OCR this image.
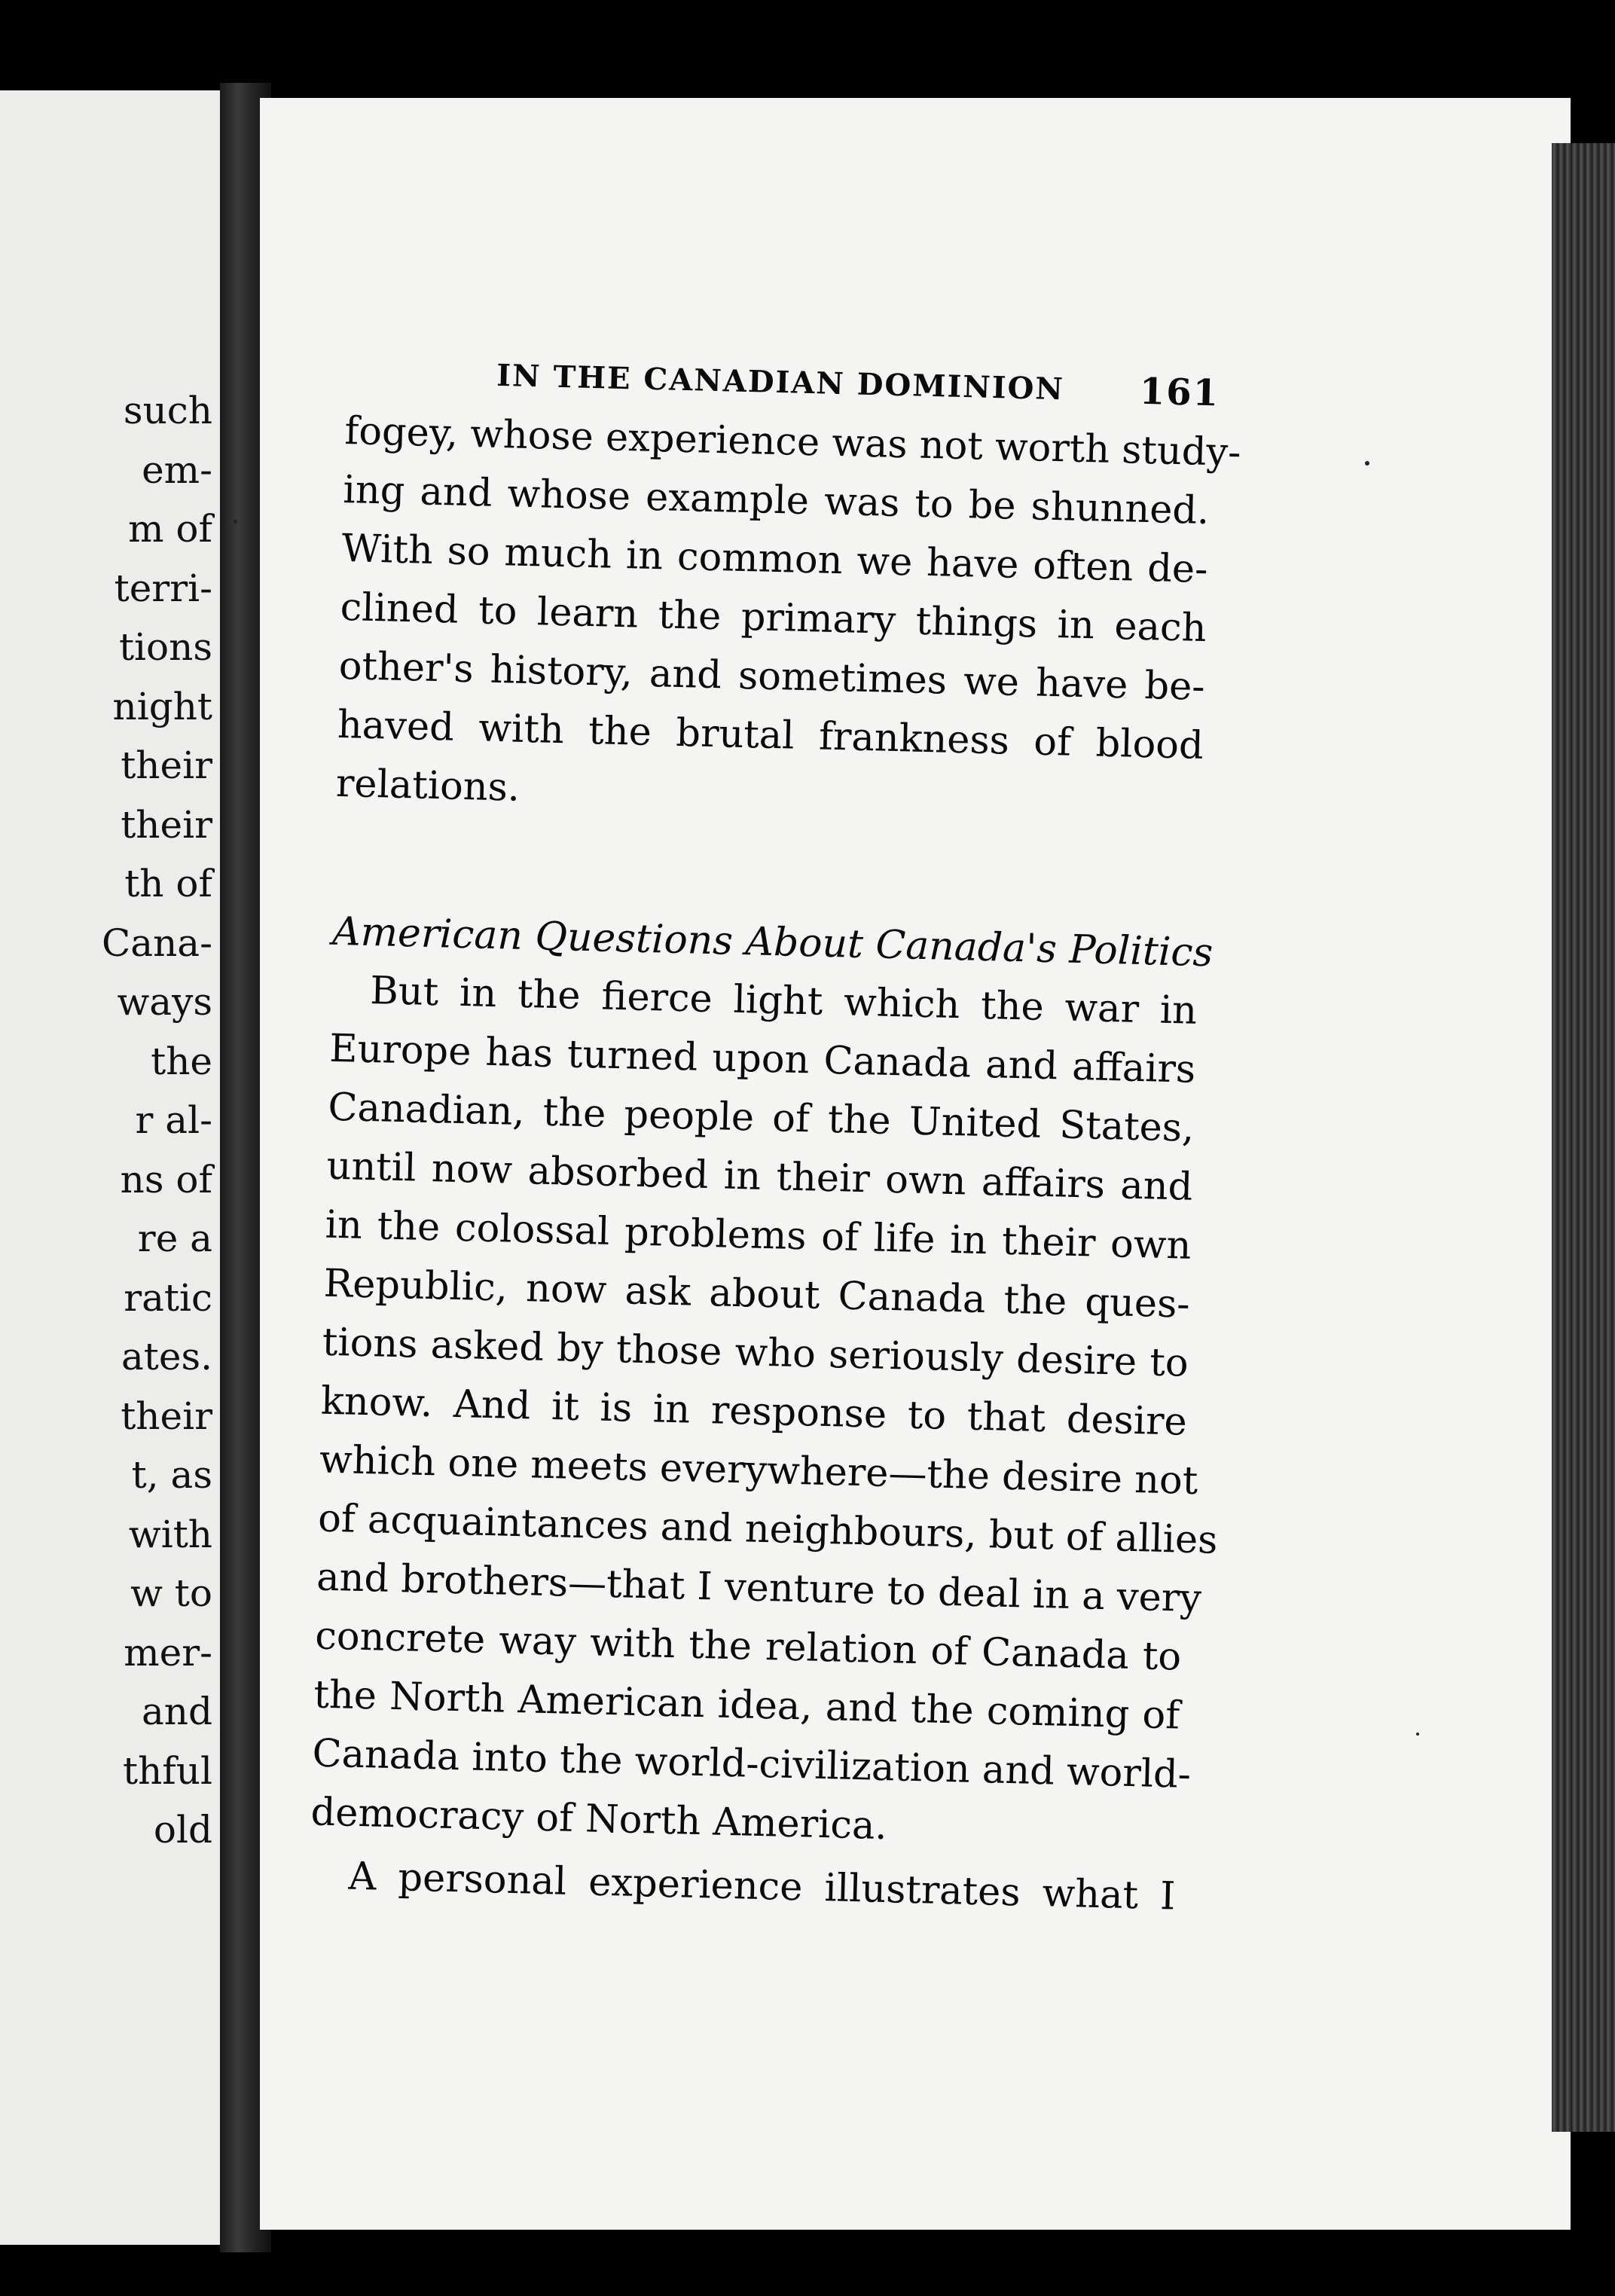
such
em-
m of
terri-
tions
night
their
their
th of
Cana-
ways
the
r al-
ns of
re a
ratic
ates.
their
t, as
with
w to
mer-
and
thful
old
IN THE CANADIAN DOMINION 161

fogey, whose experience was not worth study-
ing and whose example was to be shunned.
With so much in common we have often de-
clined to learn the primary things in each
other's history, and sometimes we have be-
haved with the brutal frankness of blood
relations.

American Questions About Canada's Politics

But in the fierce light which the war in
Europe has turned upon Canada and affairs
Canadian, the people of the United States,
until now absorbed in their own affairs and
in the colossal problems of life in their own
Republic, now ask about Canada the ques-
tions asked by those who seriously desire to
know. And it is in response to that desire
which one meets everywhere—the desire not
of acquaintances and neighbours, but of allies
and brothers—that I venture to deal in a very
concrete way with the relation of Canada to
the North American idea, and the coming of
Canada into the world-civilization and world-
democracy of North America.

A personal experience illustrates what I
